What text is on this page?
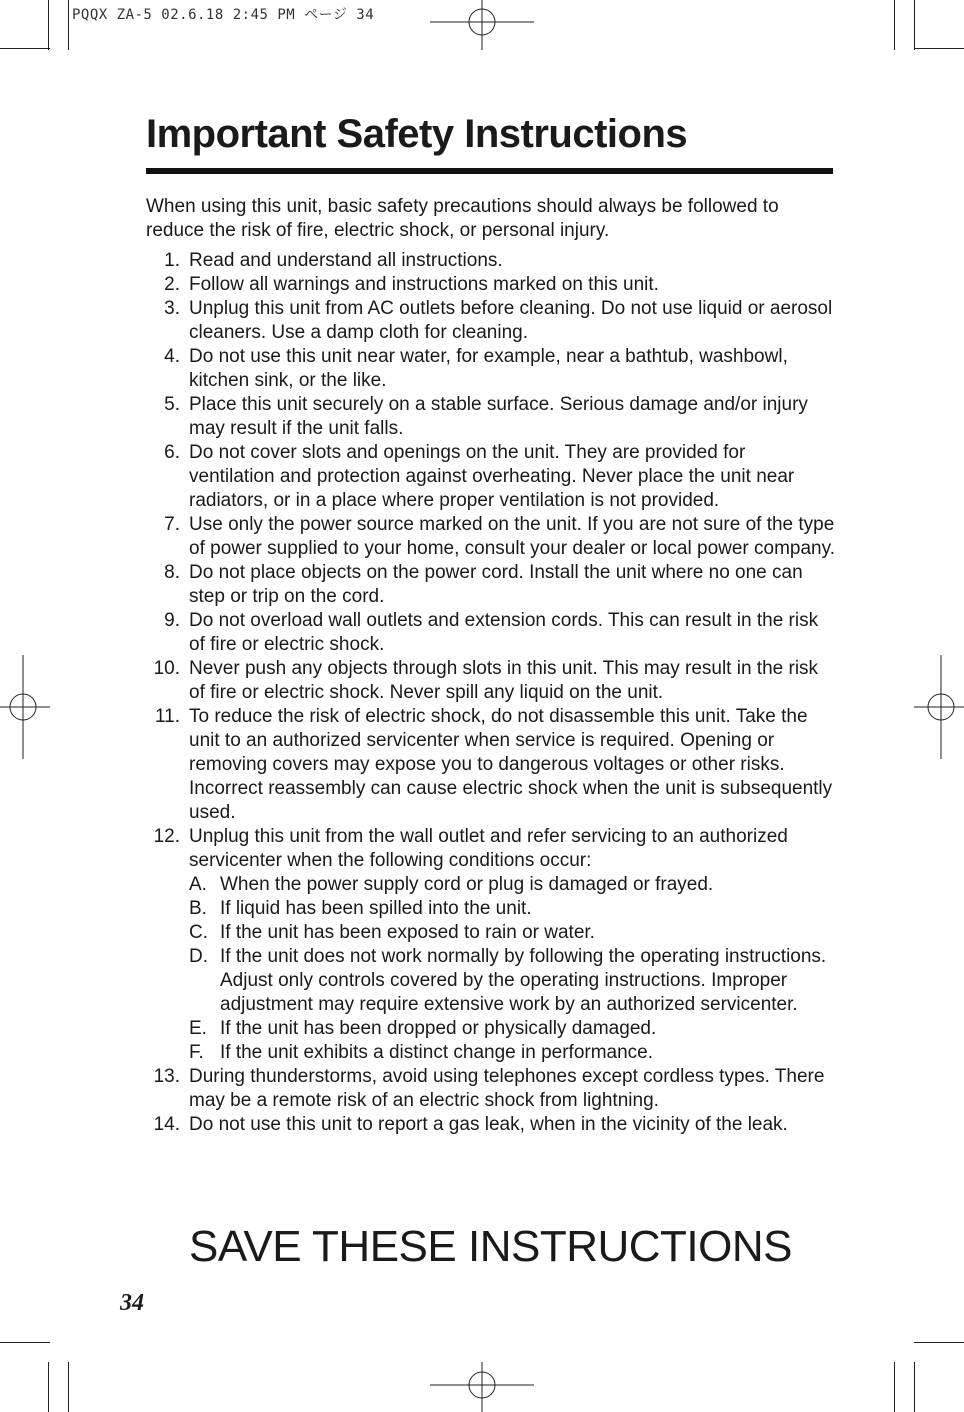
PQQX ZA-5 02.6.18 2:45 PM ページ 34
Important Safety Instructions

When using this unit, basic safety precautions should always be followed to reduce the risk of fire, electric shock, or personal injury.

1. Read and understand all instructions.
2. Follow all warnings and instructions marked on this unit.
3. Unplug this unit from AC outlets before cleaning. Do not use liquid or aerosol cleaners. Use a damp cloth for cleaning.
4. Do not use this unit near water, for example, near a bathtub, washbowl, kitchen sink, or the like.
5. Place this unit securely on a stable surface. Serious damage and/or injury may result if the unit falls.
6. Do not cover slots and openings on the unit. They are provided for ventilation and protection against overheating. Never place the unit near radiators, or in a place where proper ventilation is not provided.
7. Use only the power source marked on the unit. If you are not sure of the type of power supplied to your home, consult your dealer or local power company.
8. Do not place objects on the power cord. Install the unit where no one can step or trip on the cord.
9. Do not overload wall outlets and extension cords. This can result in the risk of fire or electric shock.
10. Never push any objects through slots in this unit. This may result in the risk of fire or electric shock. Never spill any liquid on the unit.
11. To reduce the risk of electric shock, do not disassemble this unit. Take the unit to an authorized servicenter when service is required. Opening or removing covers may expose you to dangerous voltages or other risks. Incorrect reassembly can cause electric shock when the unit is subsequently used.
12. Unplug this unit from the wall outlet and refer servicing to an authorized servicenter when the following conditions occur:
A. When the power supply cord or plug is damaged or frayed.
B. If liquid has been spilled into the unit.
C. If the unit has been exposed to rain or water.
D. If the unit does not work normally by following the operating instructions. Adjust only controls covered by the operating instructions. Improper adjustment may require extensive work by an authorized servicenter.
E. If the unit has been dropped or physically damaged.
F. If the unit exhibits a distinct change in performance.
13. During thunderstorms, avoid using telephones except cordless types. There may be a remote risk of an electric shock from lightning.
14. Do not use this unit to report a gas leak, when in the vicinity of the leak.
SAVE THESE INSTRUCTIONS
34
